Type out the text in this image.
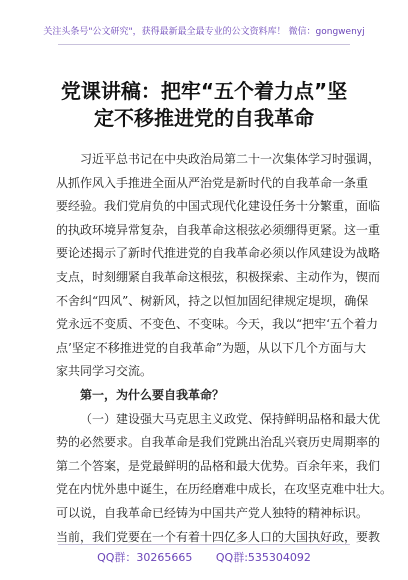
关注头条号"公文研究"，获得最新最全最专业的公文资料库！ 微信：gongwenyj
党课讲稿：把牢“五个着力点”坚
定不移推进党的自我革命
习近平总书记在中央政治局第二十一次集体学习时强调，
从抓作风入手推进全面从严治党是新时代的自我革命一条重
要经验。我们党肩负的中国式现代化建设任务十分繁重，面临
的执政环境异常复杂，自我革命这根弦必须绷得更紧。这一重
要论述揭示了新时代推进党的自我革命必须以作风建设为战略
支点，时刻绷紧自我革命这根弦，积极探索、主动作为，锲而
不舍纠“四风”、树新风，持之以恒加固纪律规定堤坝，确保
党永远不变质、不变色、不变味。今天，我以“把牢‘五个着力
点’坚定不移推进党的自我革命”为题，从以下几个方面与大
家共同学习交流。
第一，为什么要自我革命？
（一）建设强大马克思主义政党、保持鲜明品格和最大优
势的必然要求。自我革命是我们党跳出治乱兴衰历史周期率的
第二个答案，是党最鲜明的品格和最大优势。百余年来，我们
党在内忧外患中诞生，在历经磨难中成长，在攻坚克难中壮大。
可以说，自我革命已经铸为中国共产党人独特的精神标识。
当前，我们党要在一个有着十四亿多人口的大国执好政，要教
QQ群：30265665 QQ群:535304092
